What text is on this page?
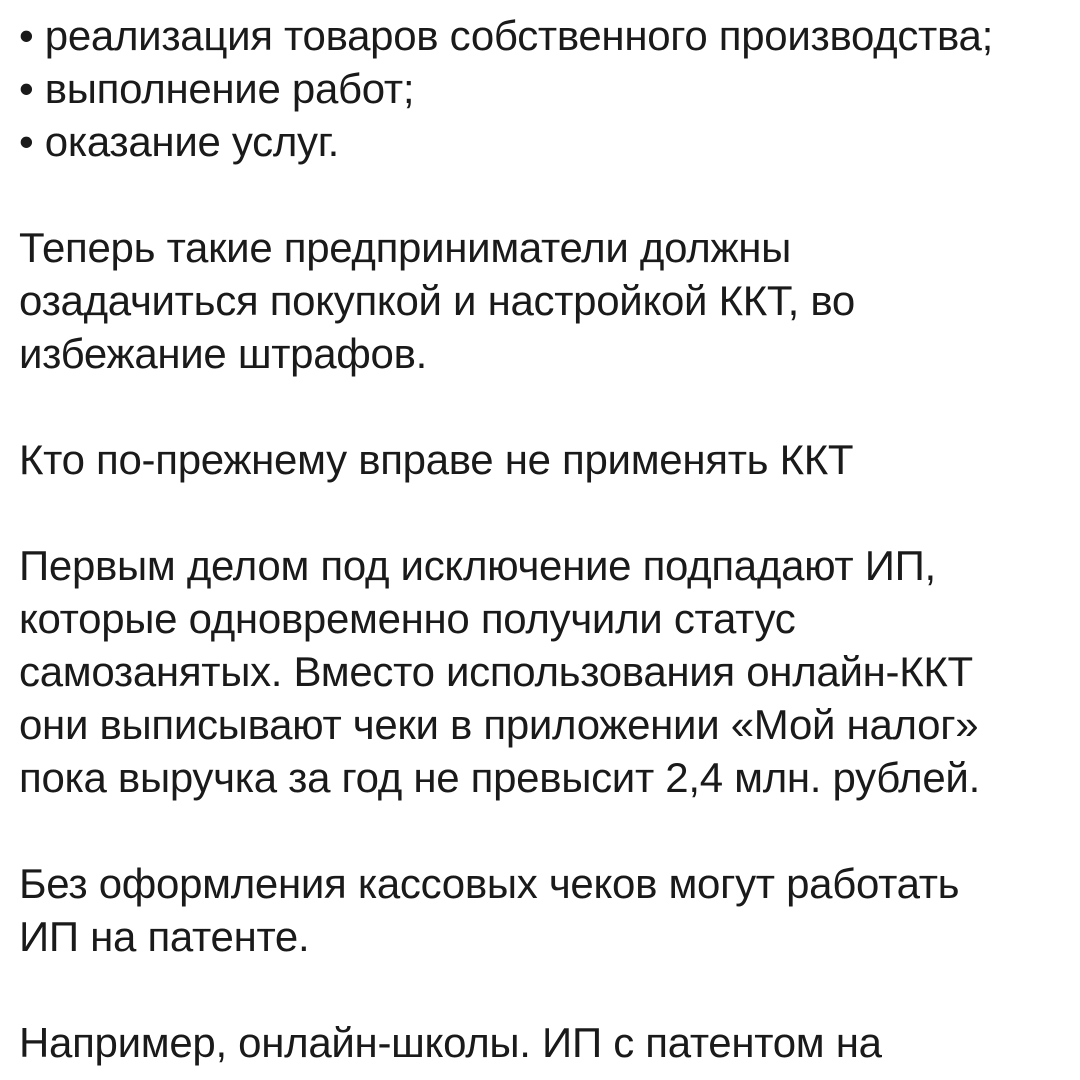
• реализация товаров собственного производства;
• выполнение работ;
• оказание услуг.
Теперь такие предприниматели должны
озадачиться покупкой и настройкой ККТ, во
избежание штрафов.
Кто по-прежнему вправе не применять ККТ
Первым делом под исключение подпадают ИП,
которые одновременно получили статус
самозанятых. Вместо использования онлайн-ККТ
они выписывают чеки в приложении «Мой налог»
пока выручка за год не превысит 2,4 млн. рублей.
Без оформления кассовых чеков могут работать
ИП на патенте.
Например, онлайн-школы. ИП с патентом на
